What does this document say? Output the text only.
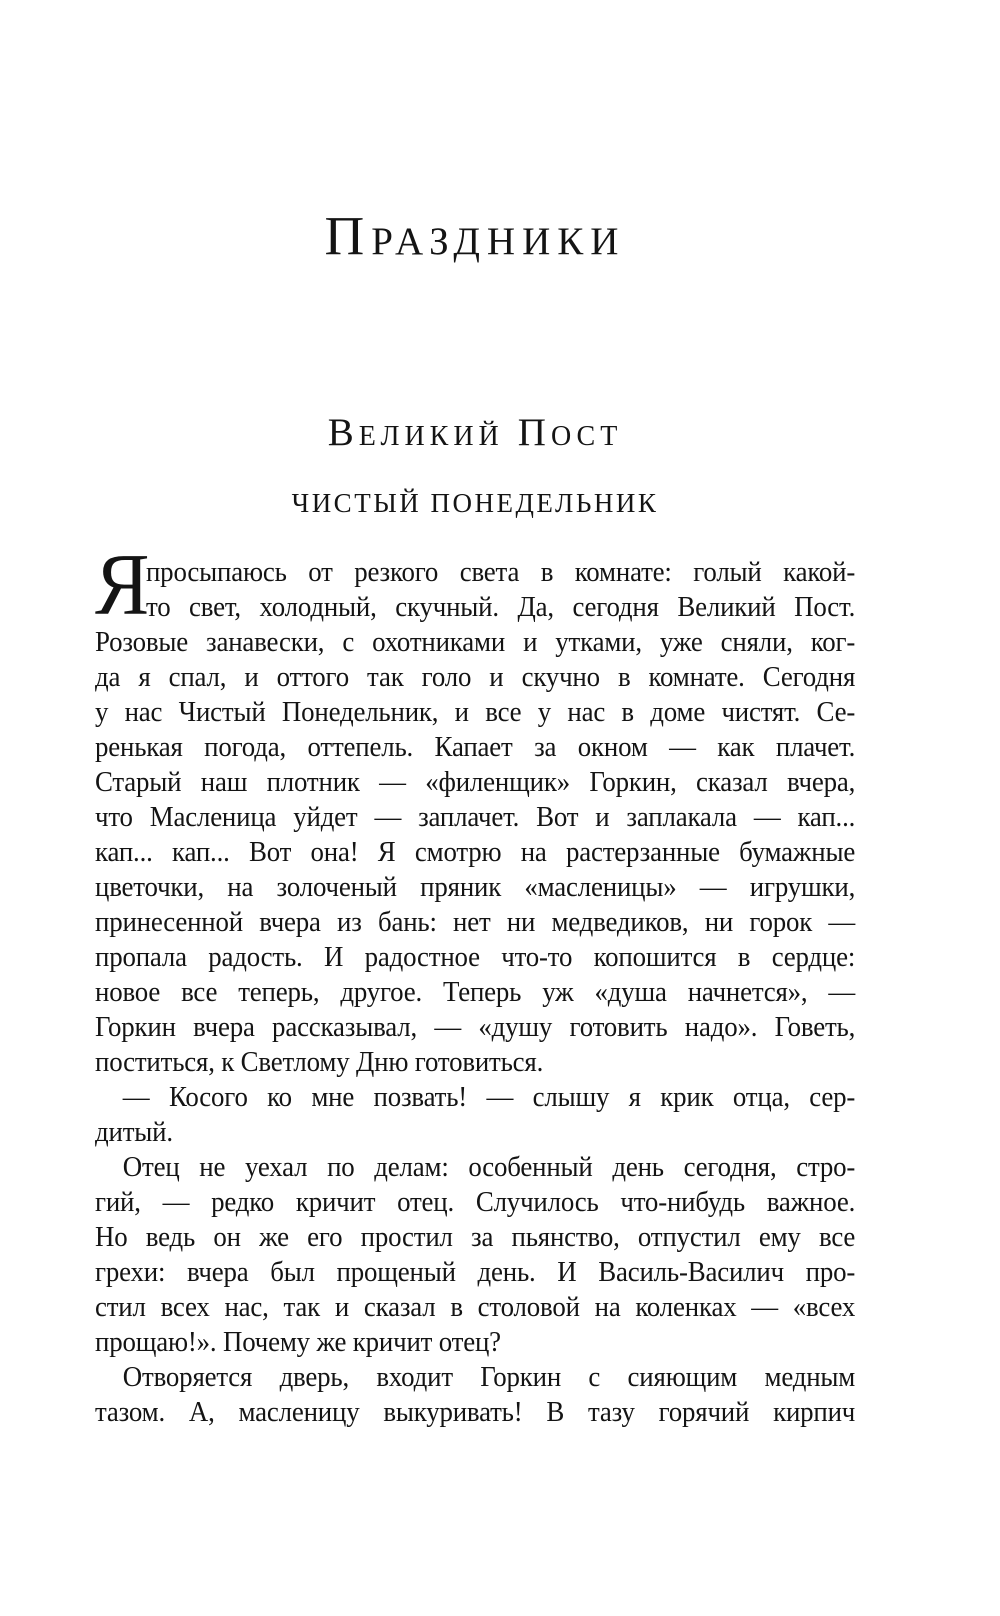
ПРАЗДНИКИ
ВЕЛИКИЙ ПОСТ
ЧИСТЫЙ ПОНЕДЕЛЬНИК
Я
просыпаюсь от резкого света в комнате: голый какой-
то свет, холодный, скучный. Да, сегодня Великий Пост.
Розовые занавески, с охотниками и утками, уже сняли, ког-
да я спал, и оттого так голо и скучно в комнате. Сегодня
у нас Чистый Понедельник, и все у нас в доме чистят. Се-
ренькая погода, оттепель. Капает за окном — как плачет.
Старый наш плотник — «филенщик» Горкин, сказал вчера,
что Масленица уйдет — заплачет. Вот и заплакала — кап...
кап... кап... Вот она! Я смотрю на растерзанные бумажные
цветочки, на золоченый пряник «масленицы» — игрушки,
принесенной вчера из бань: нет ни медведиков, ни горок —
пропала радость. И радостное что-то копошится в сердце:
новое все теперь, другое. Теперь уж «душа начнется», —
Горкин вчера рассказывал, — «душу готовить надо». Говеть,
поститься, к Светлому Дню готовиться.
— Косого ко мне позвать! — слышу я крик отца, сер-
дитый.
Отец не уехал по делам: особенный день сегодня, стро-
гий, — редко кричит отец. Случилось что-нибудь важное.
Но ведь он же его простил за пьянство, отпустил ему все
грехи: вчера был прощеный день. И Василь-Василич про-
стил всех нас, так и сказал в столовой на коленках — «всех
прощаю!». Почему же кричит отец?
Отворяется дверь, входит Горкин с сияющим медным
тазом. А, масленицу выкуривать! В тазу горячий кирпич
